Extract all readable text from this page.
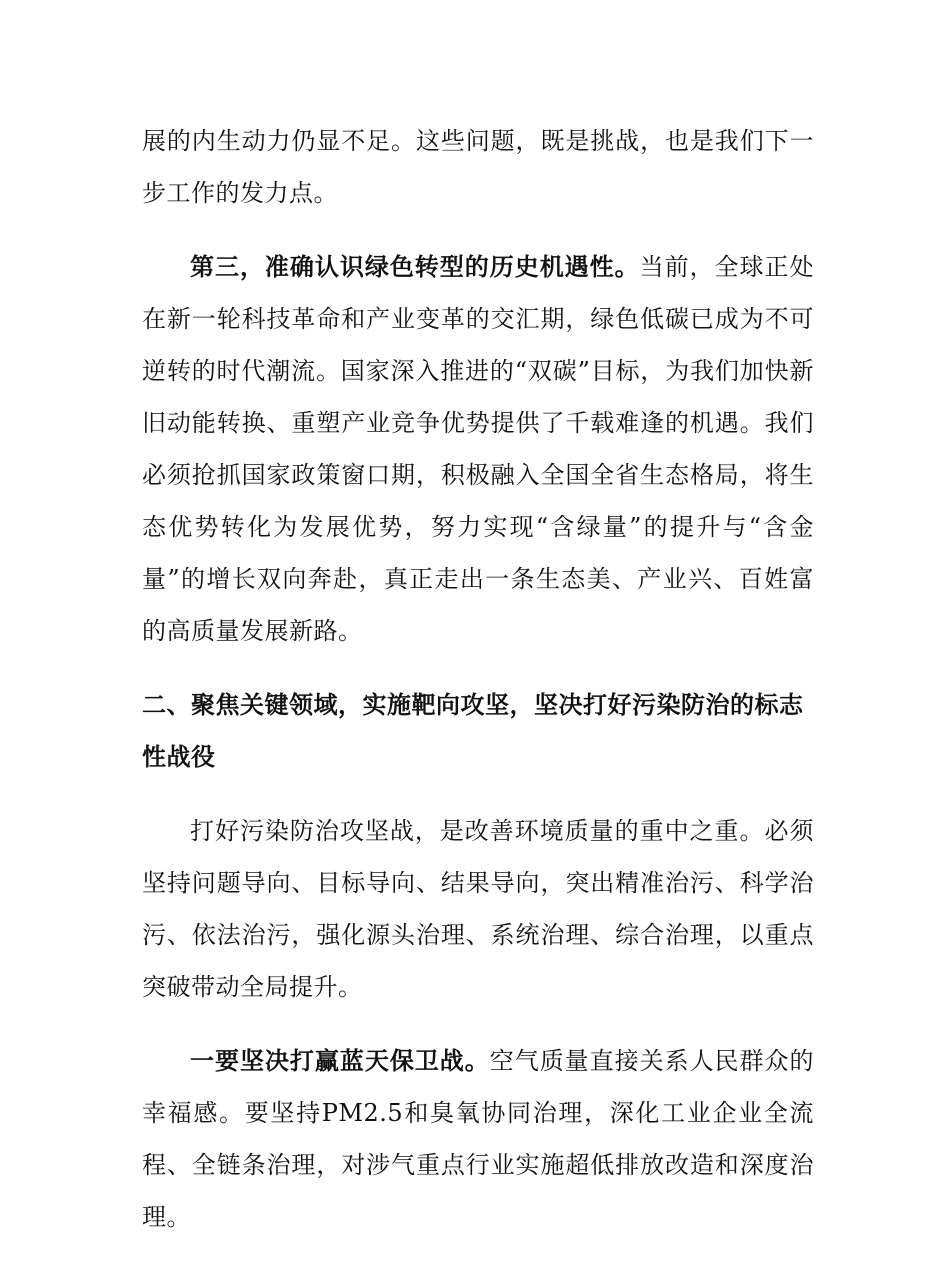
展的内生动力仍显不足。这些问题，既是挑战，也是我们下一步工作的发力点。

第三，准确认识绿色转型的历史机遇性。当前，全球正处在新一轮科技革命和产业变革的交汇期，绿色低碳已成为不可逆转的时代潮流。国家深入推进的“双碳”目标，为我们加快新旧动能转换、重塑产业竞争优势提供了千载难逢的机遇。我们必须抢抓国家政策窗口期，积极融入全国全省生态格局，将生态优势转化为发展优势，努力实现“含绿量”的提升与“含金量”的增长双向奔赴，真正走出一条生态美、产业兴、百姓富的高质量发展新路。

二、聚焦关键领域，实施靶向攻坚，坚决打好污染防治的标志性战役

打好污染防治攻坚战，是改善环境质量的重中之重。必须坚持问题导向、目标导向、结果导向，突出精准治污、科学治污、依法治污，强化源头治理、系统治理、综合治理，以重点突破带动全局提升。

一要坚决打赢蓝天保卫战。空气质量直接关系人民群众的幸福感。要坚持PM2.5和臭氧协同治理，深化工业企业全流程、全链条治理，对涉气重点行业实施超低排放改造和深度治理。
